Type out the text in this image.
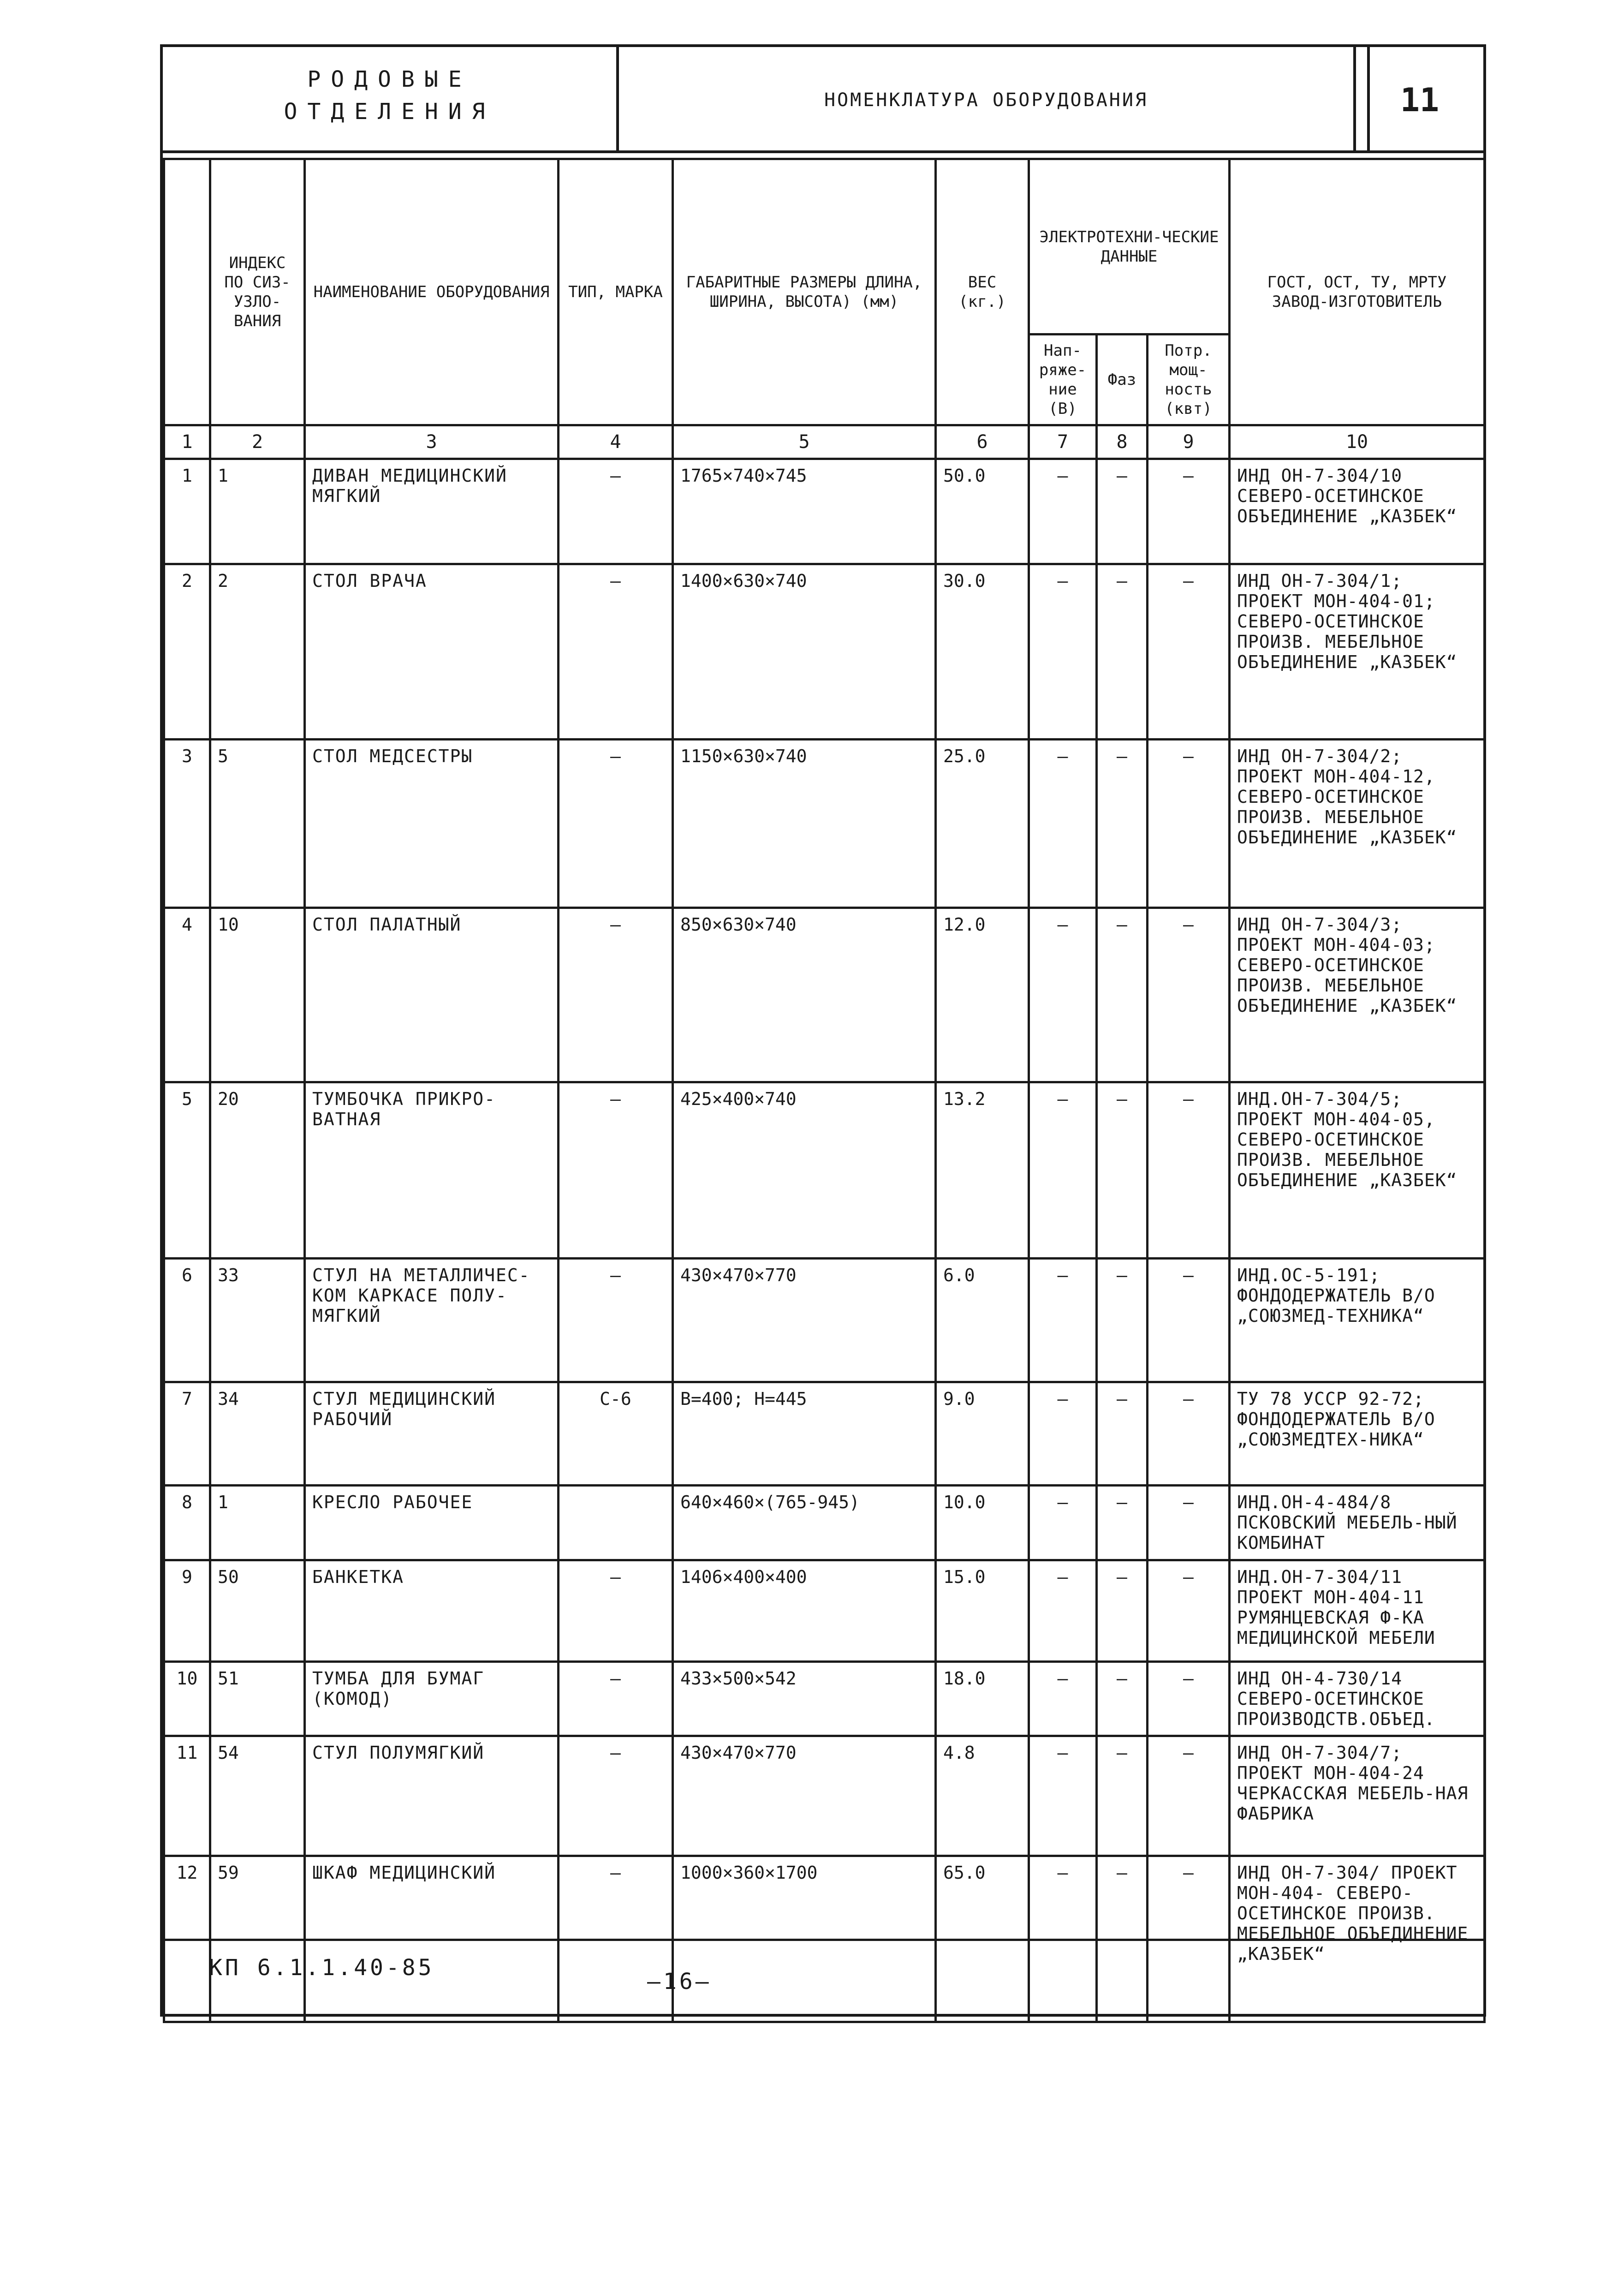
РОДОВЫЕ
ОТДЕЛЕНИЯ	НОМЕНКЛАТУРА ОБОРУДОВАНИЯ	11
	ИНДЕКС ПО СИЗ-УЗЛО-ВАНИЯ	НАИМЕНОВАНИЕ ОБОРУДОВАНИЯ	ТИП, МАРКА	ГАБАРИТНЫЕ РАЗМЕРЫ ДЛИНА, ШИРИНА, ВЫСОТА) (мм)	ВЕС (кг.)	ЭЛЕКТРОТЕХНИ-ЧЕСКИЕ ДАННЫЕ			ГОСТ, ОСТ, ТУ, МРТУ ЗАВОД-ИЗГОТОВИТЕЛЬ
						Нап-ряже-ние (В)	Фаз	Потр. мощ-ность (квт)	
1	2	3	4	5	6	7	8	9	10
1	1	ДИВАН МЕДИЦИНСКИЙ МЯГКИЙ	—	1765×740×745	50.0	—	—	—	ИНД ОН-7-304/10 СЕВЕРО-ОСЕТИНСКОЕ ОБЪЕДИНЕНИЕ „КАЗБЕК“
2	2	СТОЛ ВРАЧА	—	1400×630×740	30.0	—	—	—	ИНД ОН-7-304/1; ПРОЕКТ МОН-404-01; СЕВЕРО-ОСЕТИНСКОЕ ПРОИЗВ. МЕБЕЛЬНОЕ ОБЪЕДИНЕНИЕ „КАЗБЕК“
3	5	СТОЛ МЕДСЕСТРЫ	—	1150×630×740	25.0	—	—	—	ИНД ОН-7-304/2; ПРОЕКТ МОН-404-12, СЕВЕРО-ОСЕТИНСКОЕ ПРОИЗВ. МЕБЕЛЬНОЕ ОБЪЕДИНЕНИЕ „КАЗБЕК“
4	10	СТОЛ ПАЛАТНЫЙ	—	850×630×740	12.0	—	—	—	ИНД ОН-7-304/3; ПРОЕКТ МОН-404-03; СЕВЕРО-ОСЕТИНСКОЕ ПРОИЗВ. МЕБЕЛЬНОЕ ОБЪЕДИНЕНИЕ „КАЗБЕК“
5	20	ТУМБОЧКА ПРИКРО-ВАТНАЯ	—	425×400×740	13.2	—	—	—	ИНД.ОН-7-304/5; ПРОЕКТ МОН-404-05, СЕВЕРО-ОСЕТИНСКОЕ ПРОИЗВ. МЕБЕЛЬНОЕ ОБЪЕДИНЕНИЕ „КАЗБЕК“
6	33	СТУЛ НА МЕТАЛЛИЧЕС-КОМ КАРКАСЕ ПОЛУ-МЯГКИЙ	—	430×470×770	6.0	—	—	—	ИНД.ОС-5-191; ФОНДОДЕРЖАТЕЛЬ В/О „СОЮЗМЕД-ТЕХНИКА“
7	34	СТУЛ МЕДИЦИНСКИЙ РАБОЧИЙ	С-6	В=400; Н=445	9.0	—	—	—	ТУ 78 УССР 92-72; ФОНДОДЕРЖАТЕЛЬ В/О „СОЮЗМЕДТЕХ-НИКА“
8	1	КРЕСЛО РАБОЧЕЕ		640×460×(765-945)	10.0	—	—	—	ИНД.ОН-4-484/8 ПСКОВСКИЙ МЕБЕЛЬ-НЫЙ КОМБИНАТ
9	50	БАНКЕТКА	—	1406×400×400	15.0	—	—	—	ИНД.ОН-7-304/11 ПРОЕКТ МОН-404-11 РУМЯНЦЕВСКАЯ Ф-КА МЕДИЦИНСКОЙ МЕБЕЛИ
10	51	ТУМБА ДЛЯ БУМАГ (КОМОД)	—	433×500×542	18.0	—	—	—	ИНД ОН-4-730/14 СЕВЕРО-ОСЕТИНСКОЕ ПРОИЗВОДСТВ.ОБЪЕД.
11	54	СТУЛ ПОЛУМЯГКИЙ	—	430×470×770	4.8	—	—	—	ИНД ОН-7-304/7; ПРОЕКТ МОН-404-24 ЧЕРКАССКАЯ МЕБЕЛЬ-НАЯ ФАБРИКА
12	59	ШКАФ МЕДИЦИНСКИЙ	—	1000×360×1700	65.0	—	—	—	ИНД ОН-7-304/ ПРОЕКТ МОН-404- СЕВЕРО-ОСЕТИНСКОЕ ПРОИЗВ. МЕБЕЛЬНОЕ ОБЪЕДИНЕНИЕ „КАЗБЕК“
КП 6.1.1.40-85
—16—
